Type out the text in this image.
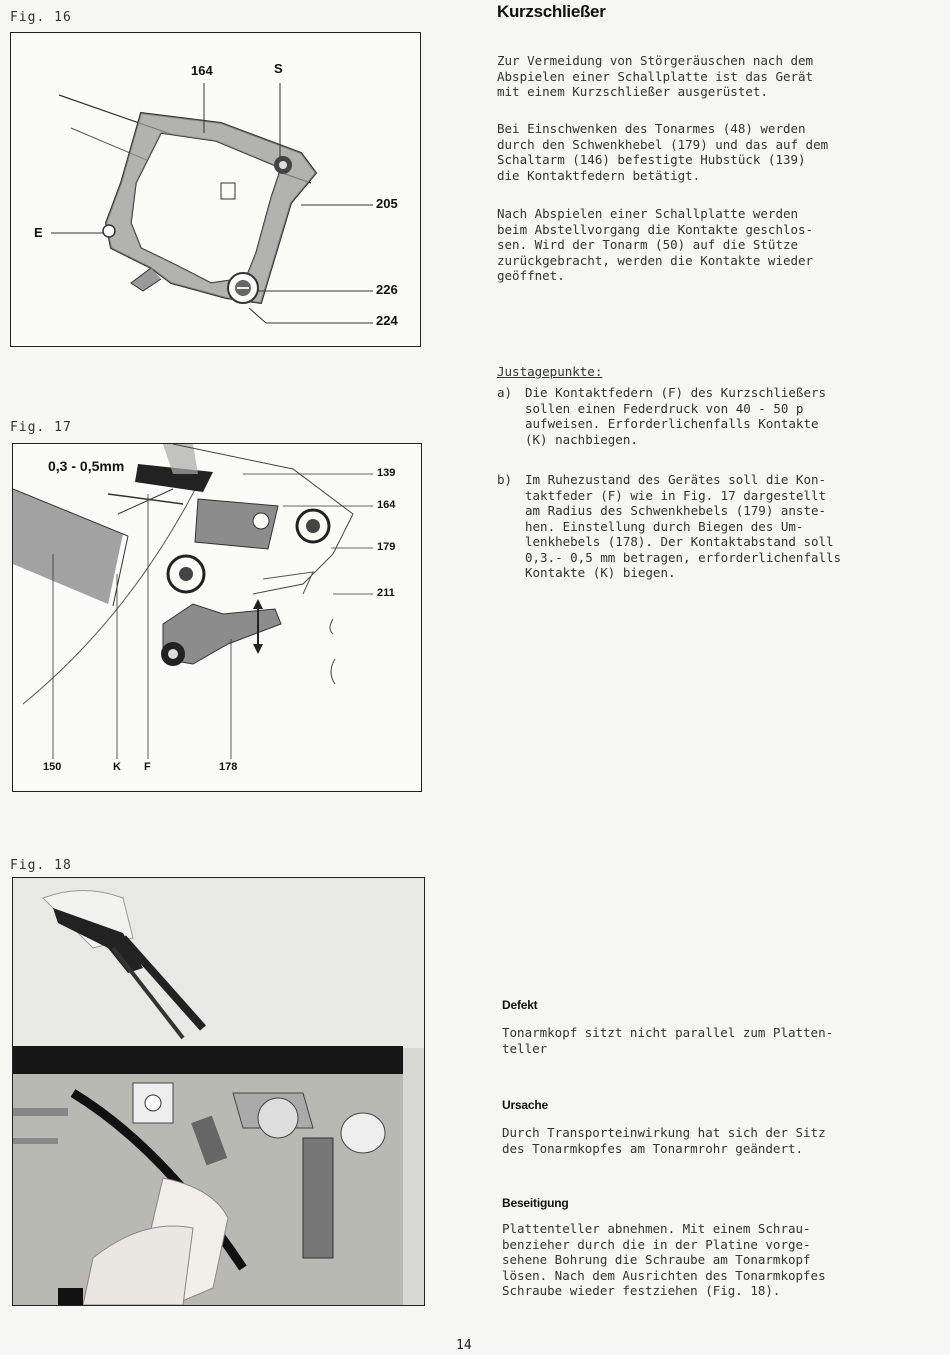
Fig. 16
164	S
205
E
226
224
Kurzschließer
Zur Vermeidung von Störgeräuschen nach dem
Abspielen einer Schallplatte ist das Gerät
mit einem Kurzschließer ausgerüstet.
Bei Einschwenken des Tonarmes (48) werden
durch den Schwenkhebel (179) und das auf dem
Schaltarm (146) befestigte Hubstück (139)
die Kontaktfedern betätigt.
Nach Abspielen einer Schallplatte werden
beim Abstellvorgang die Kontakte geschlos-
sen. Wird der Tonarm (50) auf die Stütze
zurückgebracht, werden die Kontakte wieder
geöffnet.
Fig. 17
0,3 - 0,5mm	139
164
179
211
150	K F	178
Justagepunkte:
a)	Die Kontaktfedern (F) des Kurzschließers
sollen einen Federdruck von 40 - 50 p
aufweisen. Erforderlichenfalls Kontakte
(K) nachbiegen.
b)	Im Ruhezustand des Gerätes soll die Kon-
taktfeder (F) wie in Fig. 17 dargestellt
am Radius des Schwenkhebels (179) anste-
hen. Einstellung durch Biegen des Um-
lenkhebels (178). Der Kontaktabstand soll
0,3.- 0,5 mm betragen, erforderlichenfalls
Kontakte (K) biegen.
Fig. 18
Defekt
Tonarmkopf sitzt nicht parallel zum Platten-
teller
Ursache
Durch Transporteinwirkung hat sich der Sitz
des Tonarmkopfes am Tonarmrohr geändert.
Beseitigung
Plattenteller abnehmen. Mit einem Schrau-
benzieher durch die in der Platine vorge-
sehene Bohrung die Schraube am Tonarmkopf
lösen. Nach dem Ausrichten des Tonarmkopfes
Schraube wieder festziehen (Fig. 18).
14
